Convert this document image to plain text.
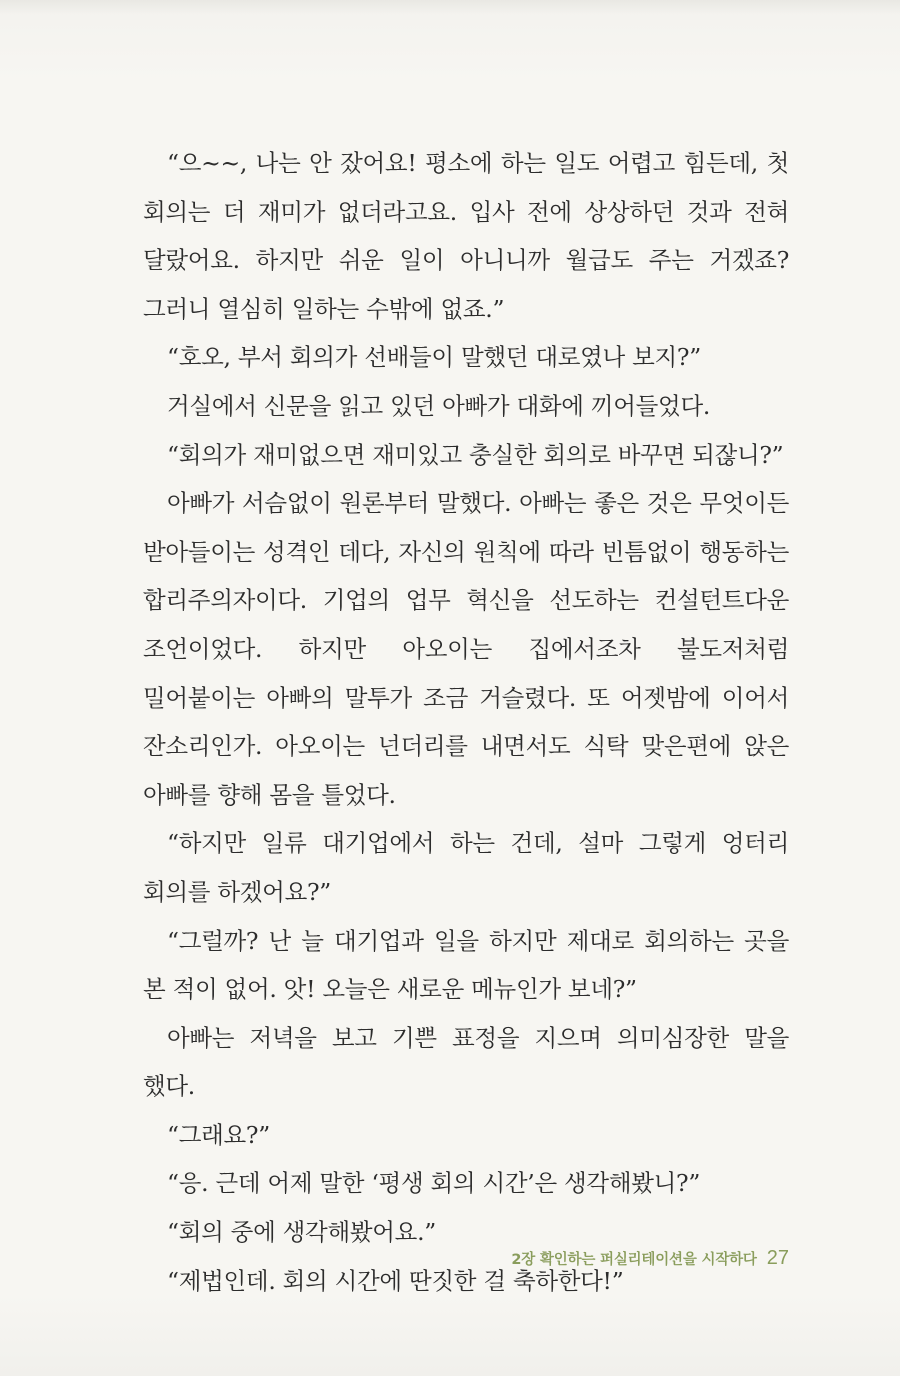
“으~~, 나는 안 잤어요! 평소에 하는 일도 어렵고 힘든데, 첫 회의는 더 재미가 없더라고요. 입사 전에 상상하던 것과 전혀 달랐어요. 하지만 쉬운 일이 아니니까 월급도 주는 거겠죠? 그러니 열심히 일하는 수밖에 없죠.”

“호오, 부서 회의가 선배들이 말했던 대로였나 보지?”

거실에서 신문을 읽고 있던 아빠가 대화에 끼어들었다.

“회의가 재미없으면 재미있고 충실한 회의로 바꾸면 되잖니?”

아빠가 서슴없이 원론부터 말했다. 아빠는 좋은 것은 무엇이든 받아들이는 성격인 데다, 자신의 원칙에 따라 빈틈없이 행동하는 합리주의자이다. 기업의 업무 혁신을 선도하는 컨설턴트다운 조언이었다. 하지만 아오이는 집에서조차 불도저처럼 밀어붙이는 아빠의 말투가 조금 거슬렸다. 또 어젯밤에 이어서 잔소리인가. 아오이는 넌더리를 내면서도 식탁 맞은편에 앉은 아빠를 향해 몸을 틀었다.

“하지만 일류 대기업에서 하는 건데, 설마 그렇게 엉터리 회의를 하겠어요?”

“그럴까? 난 늘 대기업과 일을 하지만 제대로 회의하는 곳을 본 적이 없어. 앗! 오늘은 새로운 메뉴인가 보네?”

아빠는 저녁을 보고 기쁜 표정을 지으며 의미심장한 말을 했다.

“그래요?”

“응. 근데 어제 말한 ‘평생 회의 시간’은 생각해봤니?”

“회의 중에 생각해봤어요.”

“제법인데. 회의 시간에 딴짓한 걸 축하한다!”

2장 확인하는 퍼실리테이션을 시작하다 27
